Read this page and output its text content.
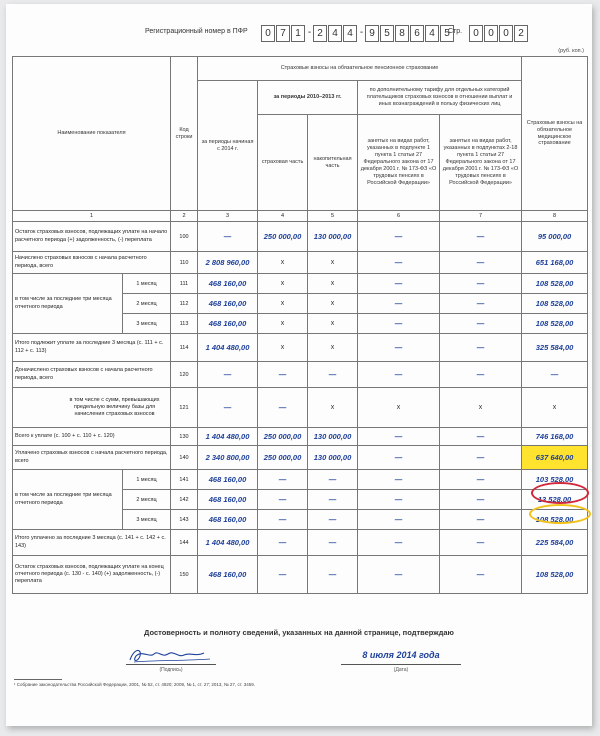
Регистрационный номер в ПФР	0 7 1 - 2 4 4 - 9 5 8 6 4 5
Стр.	0 0 0 2
(руб. коп.)
Наименование показателя		Код строки	Страховые взносы на обязательное пенсионное страхование					Страховые взносы на обязательное медицинское страхование
			за периоды начиная с 2014 г.	за периоды 2010–2013 гг.		по дополнительному тарифу для отдельных категорий плательщиков страховых взносов в отношении выплат и иных вознаграждений в пользу физических лиц		
				страховая часть	накопительная часть	занятых на видах работ, указанных в подпункте 1 пункта 1 статьи 27 Федерального закона от 17 декабря 2001 г. № 173-ФЗ «О трудовых пенсиях в Российской Федерации»	занятых на видах работ, указанных в подпунктах 2-18 пункта 1 статьи 27 Федерального закона от 17 декабря 2001 г. № 173-ФЗ «О трудовых пенсиях в Российской Федерации»	

1		2	3	4	5	6	7	8
Остаток страховых взносов, подлежащих уплате на начало расчетного периода (+) задолженность, (-) переплата		100	—	250 000,00	130 000,00	—	—	95 000,00
Начислено страховых взносов с начала расчетного периода, всего		110	2 808 960,00	x	x	—	—	651 168,00
в том числе за последние три месяца отчетного периода	1 месяц	111	468 160,00	x	x	—	—	108 528,00
	2 месяц	112	468 160,00	x	x	—	—	108 528,00
	3 месяц	113	468 160,00	x	x	—	—	108 528,00
Итого подлежит уплате за последние 3 месяца (с. 111 + с. 112 + с. 113)		114	1 404 480,00	x	x	—	—	325 584,00
Доначислено страховых взносов с начала расчетного периода, всего		120	—	—	—	—	—	—
в том числе с сумм, превышающих предельную величину базы для начисления страховых взносов		121	—	—	x	x	x	x
Всего к уплате (с. 100 + с. 110 + с. 120)		130	1 404 480,00	250 000,00	130 000,00	—	—	746 168,00
Уплачено страховых взносов с начала расчетного периода, всего		140	2 340 800,00	250 000,00	130 000,00	—	—	637 640,00
в том числе за последние три месяца отчетного периода	1 месяц	141	468 160,00	—	—	—	—	103 528,00
	2 месяц	142	468 160,00	—	—	—	—	13 528,00
	3 месяц	143	468 160,00	—	—	—	—	108 528,00
Итого уплачено за последние 3 месяца (с. 141 + с. 142 + с. 143)		144	1 404 480,00	—	—	—	—	225 584,00
Остаток страховых взносов, подлежащих уплате на конец отчетного периода (с. 130 - с. 140) (+) задолженность, (-) переплата		150	468 160,00	—	—	—	—	108 528,00
Достоверность и полноту сведений, указанных на данной странице, подтверждаю
(Подпись)
8 июля 2014 года
(Дата)
¹ Собрание законодательства Российской Федерации, 2001, № 52, ст. 4920; 2009, № 1, ст. 27; 2013, № 27, ст. 3459.
